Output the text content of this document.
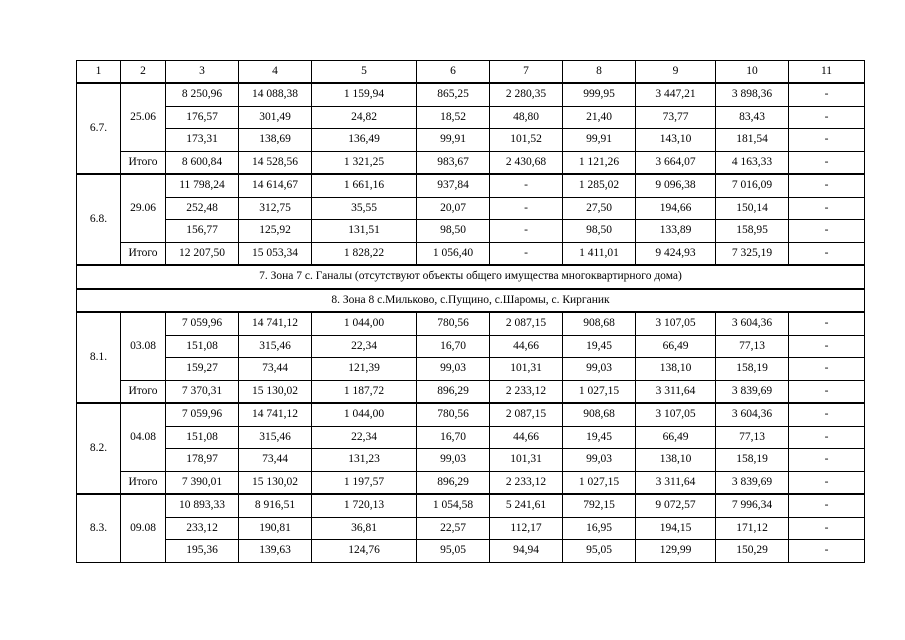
1	2	3	4	5	6	7	8	9	10	11
6.7.	25.06	8 250,96	14 088,38	1 159,94	865,25	2 280,35	999,95	3 447,21	3 898,36	-
		176,57	301,49	24,82	18,52	48,80	21,40	73,77	83,43	-
		173,31	138,69	136,49	99,91	101,52	99,91	143,10	181,54	-
	Итого	8 600,84	14 528,56	1 321,25	983,67	2 430,68	1 121,26	3 664,07	4 163,33	-
6.8.	29.06	11 798,24	14 614,67	1 661,16	937,84	-	1 285,02	9 096,38	7 016,09	-
		252,48	312,75	35,55	20,07	-	27,50	194,66	150,14	-
		156,77	125,92	131,51	98,50	-	98,50	133,89	158,95	-
	Итого	12 207,50	15 053,34	1 828,22	1 056,40	-	1 411,01	9 424,93	7 325,19	-
7. Зона 7 с. Ганалы (отсутствуют объекты общего имущества многоквартирного дома)										
8. Зона 8 с.Мильково, с.Пущино, с.Шаромы, с. Кирганик										
8.1.	03.08	7 059,96	14 741,12	1 044,00	780,56	2 087,15	908,68	3 107,05	3 604,36	-
		151,08	315,46	22,34	16,70	44,66	19,45	66,49	77,13	-
		159,27	73,44	121,39	99,03	101,31	99,03	138,10	158,19	-
	Итого	7 370,31	15 130,02	1 187,72	896,29	2 233,12	1 027,15	3 311,64	3 839,69	-
8.2.	04.08	7 059,96	14 741,12	1 044,00	780,56	2 087,15	908,68	3 107,05	3 604,36	-
		151,08	315,46	22,34	16,70	44,66	19,45	66,49	77,13	-
		178,97	73,44	131,23	99,03	101,31	99,03	138,10	158,19	-
	Итого	7 390,01	15 130,02	1 197,57	896,29	2 233,12	1 027,15	3 311,64	3 839,69	-
8.3.	09.08	10 893,33	8 916,51	1 720,13	1 054,58	5 241,61	792,15	9 072,57	7 996,34	-
		233,12	190,81	36,81	22,57	112,17	16,95	194,15	171,12	-
		195,36	139,63	124,76	95,05	94,94	95,05	129,99	150,29	-
